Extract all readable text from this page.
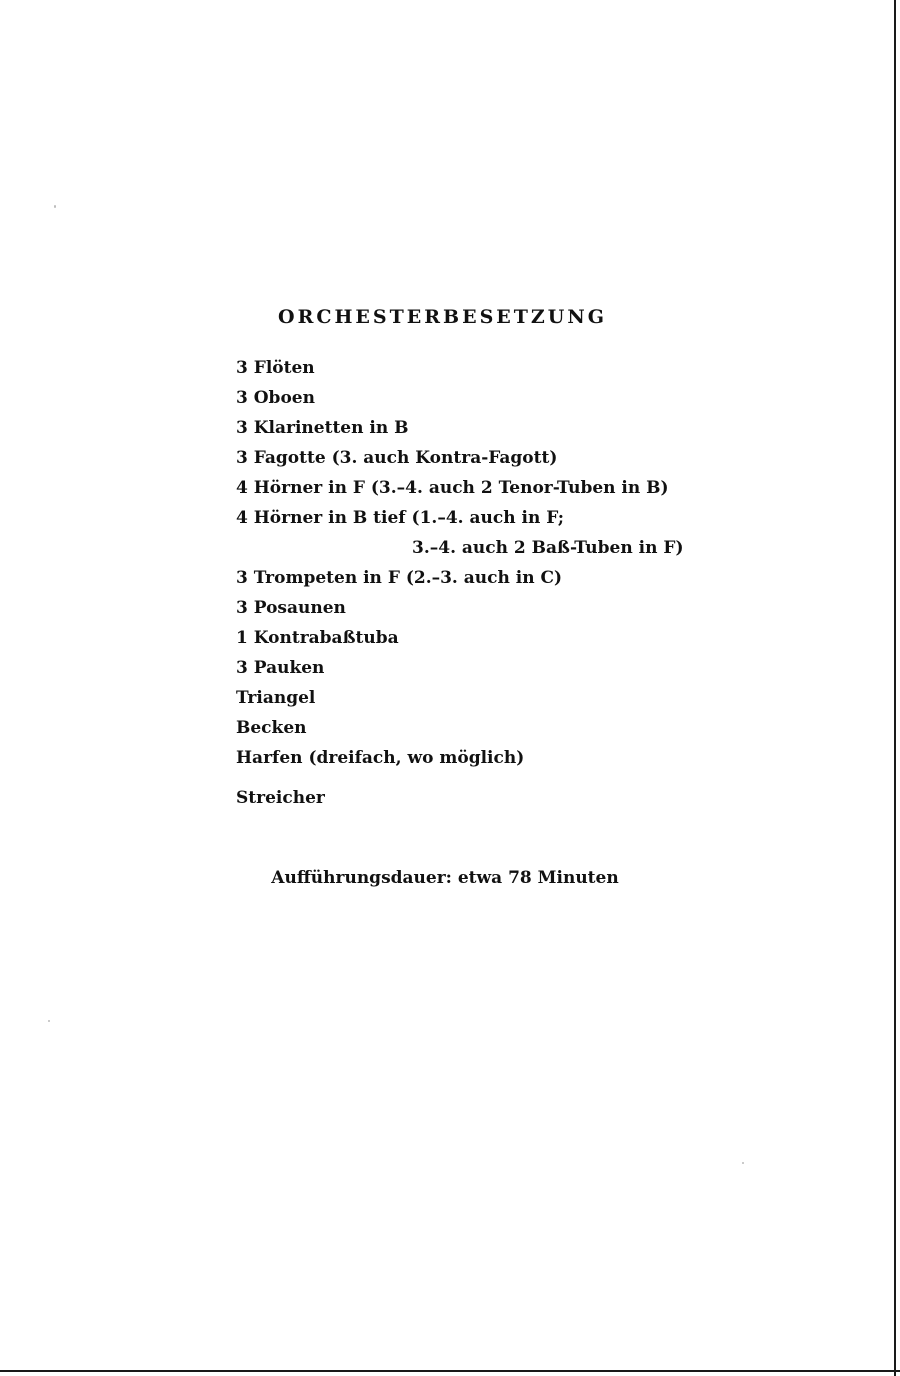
ORCHESTERBESETZUNG
3 Flöten
3 Oboen
3 Klarinetten in B
3 Fagotte (3. auch Kontra-Fagott)
4 Hörner in F (3.–4. auch 2 Tenor-Tuben in B)
4 Hörner in B tief (1.–4. auch in F;
3.–4. auch 2 Baß-Tuben in F)
3 Trompeten in F (2.–3. auch in C)
3 Posaunen
1 Kontrabaßtuba
3 Pauken
Triangel
Becken
Harfen (dreifach, wo möglich)
Streicher
Aufführungsdauer: etwa 78 Minuten
